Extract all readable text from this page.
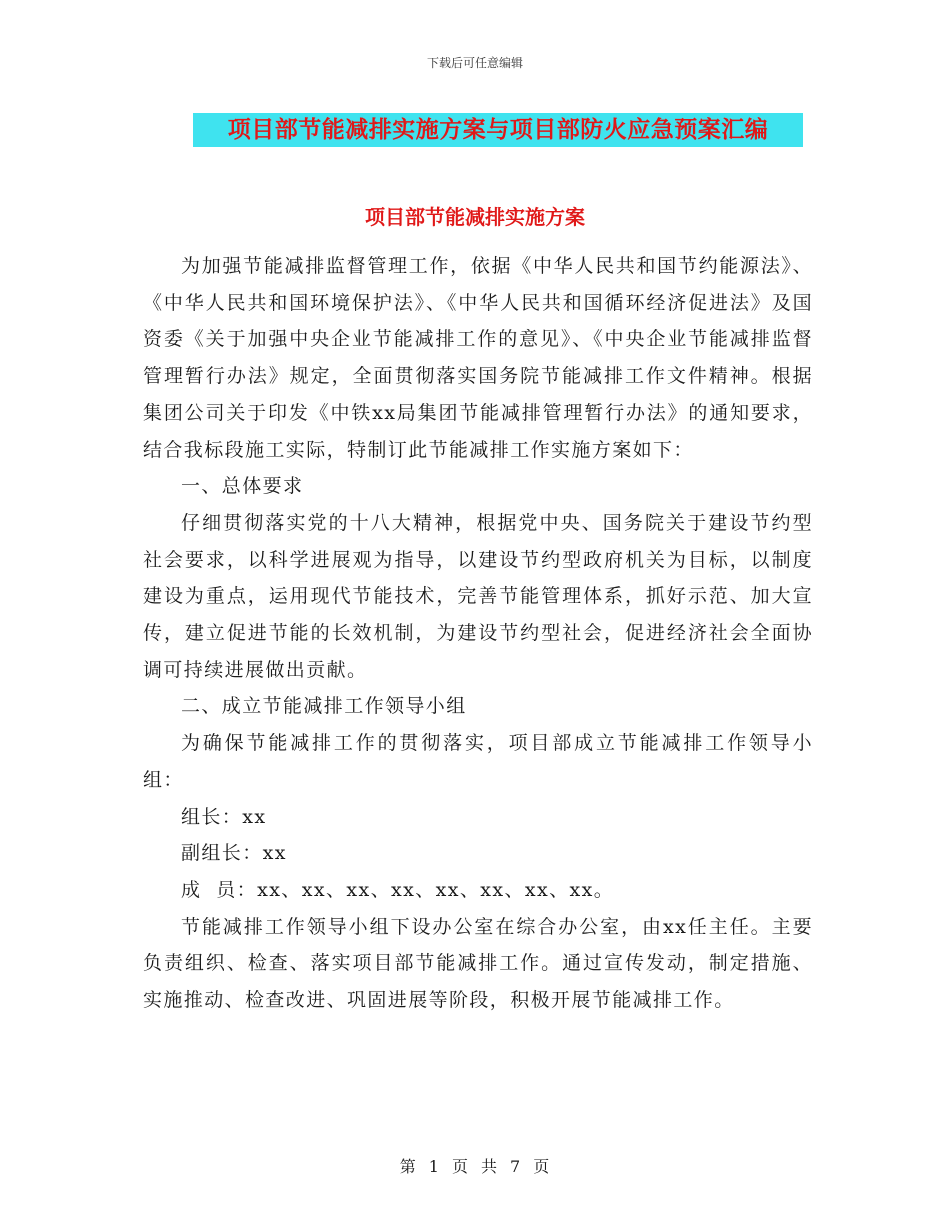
下载后可任意编辑
项目部节能减排实施方案与项目部防火应急预案汇编
项目部节能减排实施方案

为加强节能减排监督管理工作，依据《中华人民共和国节约能源法》、《中华人民共和国环境保护法》、《中华人民共和国循环经济促进法》及国资委《关于加强中央企业节能减排工作的意见》、《中央企业节能减排监督管理暂行办法》规定，全面贯彻落实国务院节能减排工作文件精神。根据集团公司关于印发《中铁xx局集团节能减排管理暂行办法》的通知要求，结合我标段施工实际，特制订此节能减排工作实施方案如下：

一、总体要求

仔细贯彻落实党的十八大精神，根据党中央、国务院关于建设节约型社会要求，以科学进展观为指导，以建设节约型政府机关为目标，以制度建设为重点，运用现代节能技术，完善节能管理体系，抓好示范、加大宣传，建立促进节能的长效机制，为建设节约型社会，促进经济社会全面协调可持续进展做出贡献。

二、成立节能减排工作领导小组

为确保节能减排工作的贯彻落实，项目部成立节能减排工作领导小组：

组长：xx

副组长：xx

成  员：xx、xx、xx、xx、xx、xx、xx、xx。

节能减排工作领导小组下设办公室在综合办公室，由xx任主任。主要负责组织、检查、落实项目部节能减排工作。通过宣传发动，制定措施、实施推动、检查改进、巩固进展等阶段，积极开展节能减排工作。

第 1 页 共 7 页
